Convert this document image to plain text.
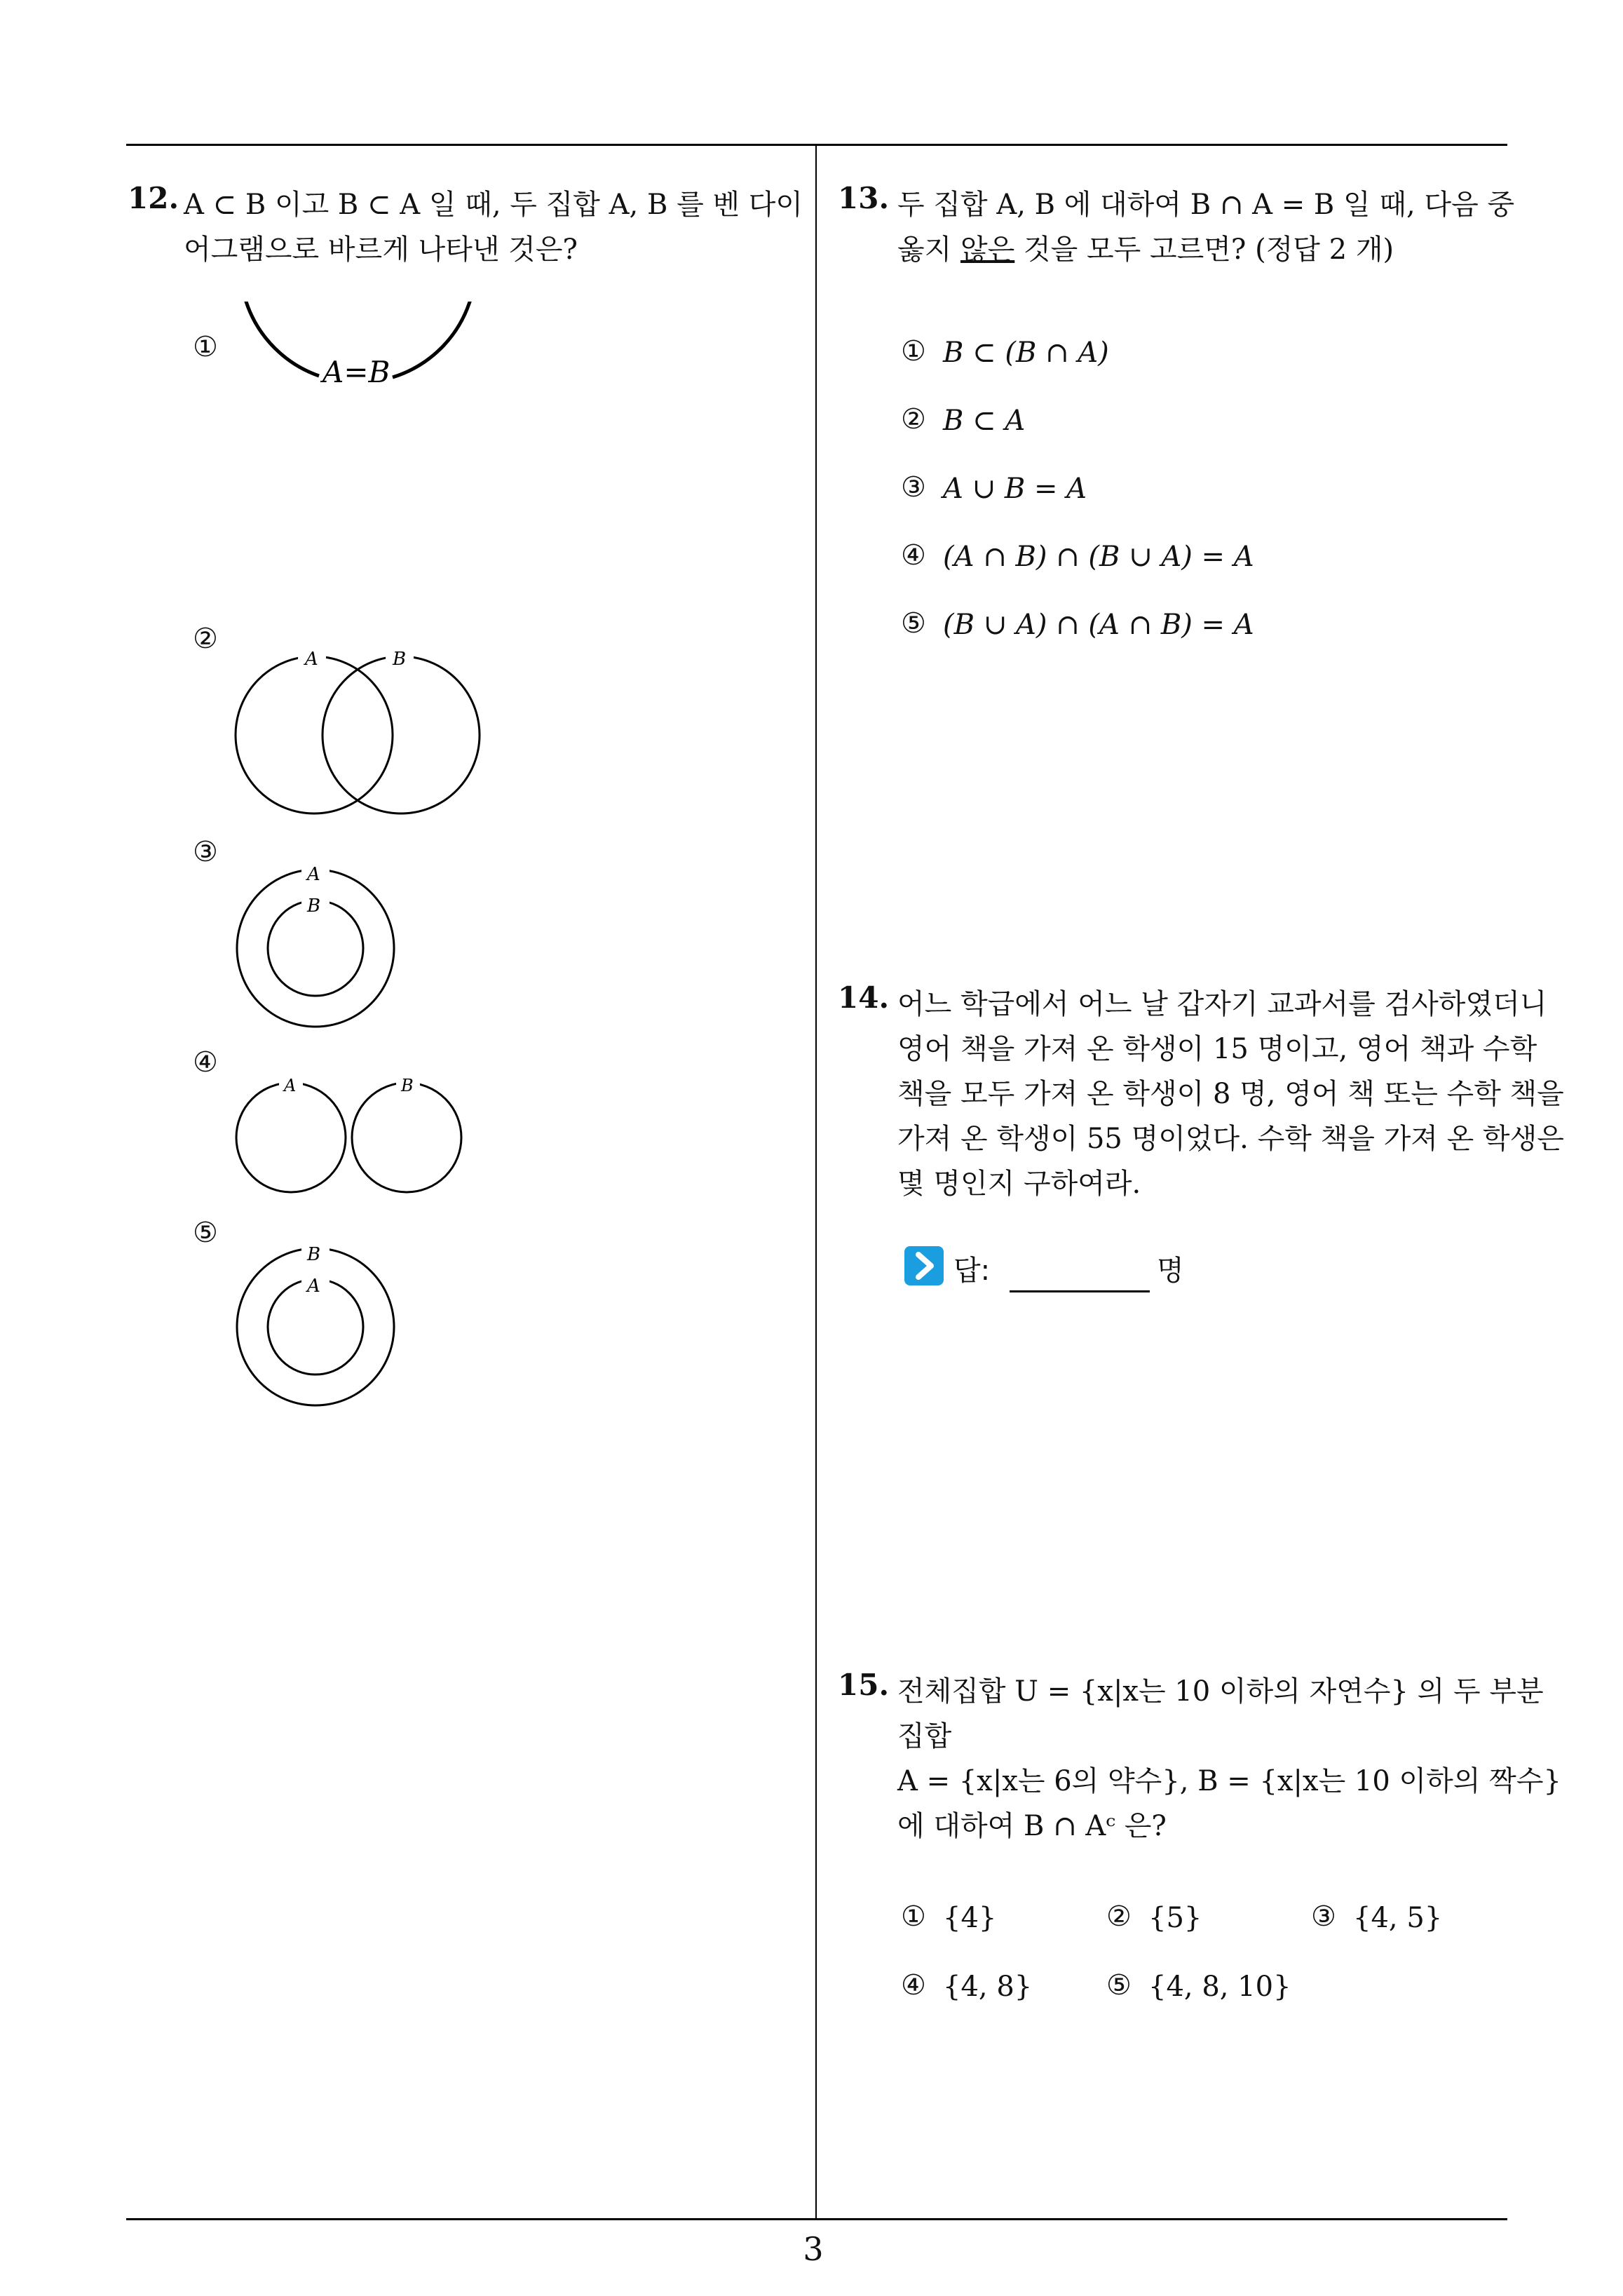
12. A ⊂ B 이고 B ⊂ A 일 때, 두 집합 A, B 를 벤 다이
어그램으로 바르게 나타낸 것은?
①
②
③
④
⑤
A=B
A	B
A
B
A	B
B
A
13. 두 집합 A, B 에 대하여 B ∩ A = B 일 때, 다음 중
옳지 않은 것을 모두 고르면? (정답 2 개)
① B ⊂ (B ∩ A)
② B ⊂ A
③ A ∪ B = A
④ (A ∩ B) ∩ (B ∪ A) = A
⑤ (B ∪ A) ∩ (A ∩ B) = A
14. 어느 학급에서 어느 날 갑자기 교과서를 검사하였더니
영어 책을 가져 온 학생이 15 명이고, 영어 책과 수학
책을 모두 가져 온 학생이 8 명, 영어 책 또는 수학 책을
가져 온 학생이 55 명이었다. 수학 책을 가져 온 학생은
몇 명인지 구하여라.
답:	명
15. 전체집합 U = {x|x는 10 이하의 자연수} 의 두 부분
집합
A = {x|x는 6의 약수}, B = {x|x는 10 이하의 짝수}
에 대하여 B ∩ Aᶜ 은?
① {4}	② {5}	③ {4, 5}
④ {4, 8}	⑤ {4, 8, 10}
3
